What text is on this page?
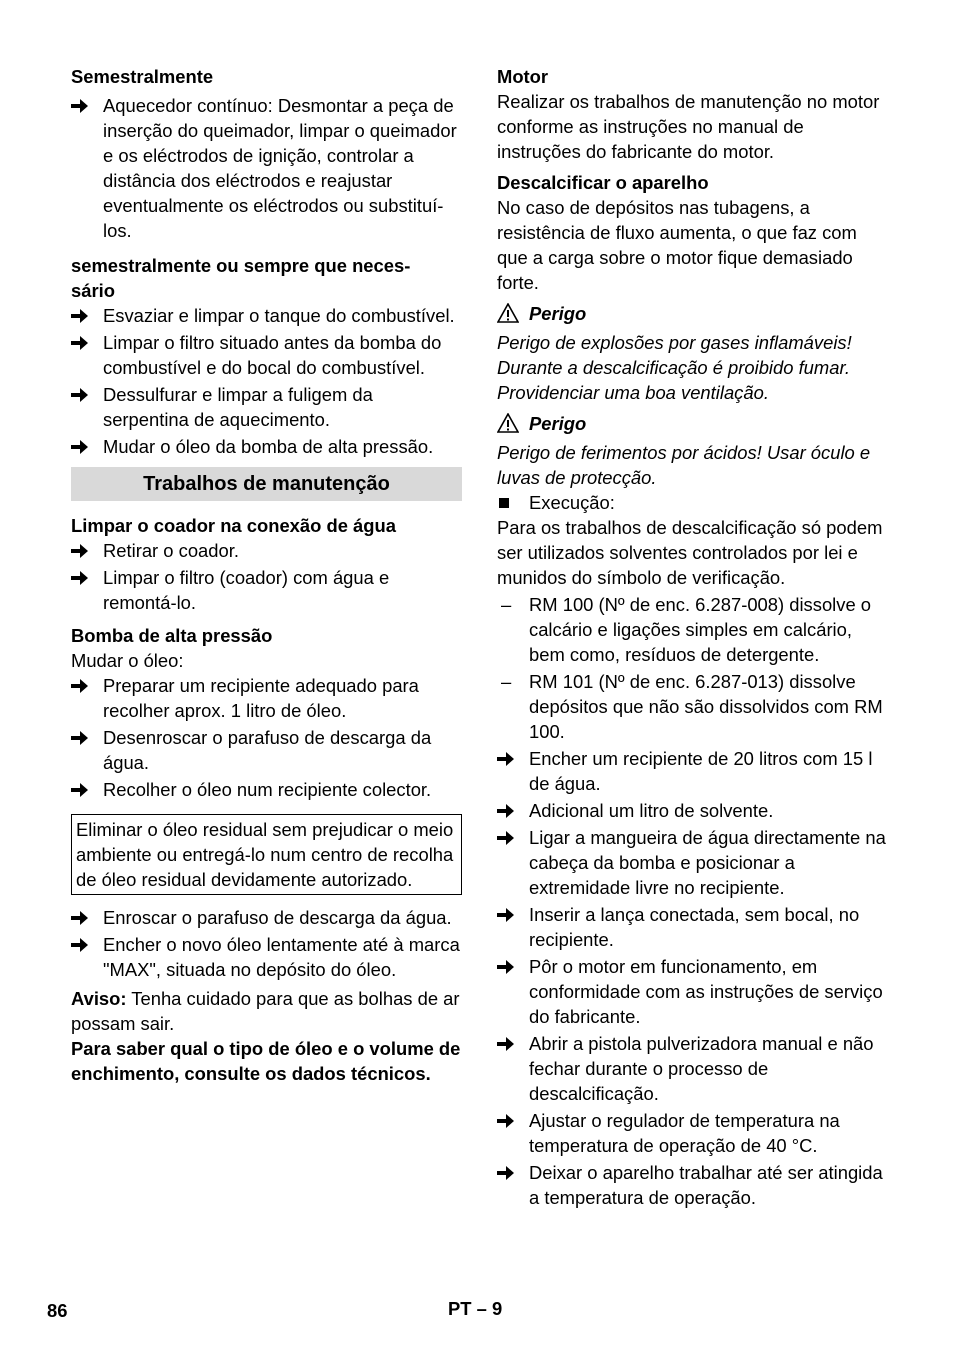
Semestralmente

Aquecedor contínuo: Desmontar a peça de inserção do queimador, limpar o queimador e os eléctrodos de ignição, controlar a distância dos eléctrodos e reajustar eventualmente os eléctrodos ou substituí-los.

semestralmente ou sempre que neces-
sário

Esvaziar e limpar o tanque do combustível.
Limpar o filtro situado antes da bomba do combustível e do bocal do combustível.
Dessulfurar e limpar a fuligem da serpentina de aquecimento.
Mudar o óleo da bomba de alta pressão.

Trabalhos de manutenção

Limpar o coador na conexão de água

Retirar o coador.
Limpar o filtro (coador) com água e remontá-lo.

Bomba de alta pressão

Mudar o óleo:

Preparar um recipiente adequado para recolher aprox. 1 litro de óleo.
Desenroscar o parafuso de descarga da água.
Recolher o óleo num recipiente colector.
Eliminar o óleo residual sem prejudicar o meio ambiente ou entregá-lo num centro de recolha de óleo residual devidamente autorizado.
Enroscar o parafuso de descarga da água.
Encher o novo óleo lentamente até à marca "MAX", situada no depósito do óleo.

Aviso: Tenha cuidado para que as bolhas de ar possam sair.

Para saber qual o tipo de óleo e o volume de enchimento, consulte os dados técnicos.

Motor

Realizar os trabalhos de manutenção no motor conforme as instruções no manual de instruções do fabricante do motor.

Descalcificar o aparelho

No caso de depósitos nas tubagens, a resistência de fluxo aumenta, o que faz com que a carga sobre o motor fique demasiado forte.

Perigo

Perigo de explosões por gases inflamáveis! Durante a descalcificação é proibido fumar. Providenciar uma boa ventilação.

Perigo

Perigo de ferimentos por ácidos! Usar óculo e luvas de protecção.

Execução:

Para os trabalhos de descalcificação só podem ser utilizados solventes controlados por lei e munidos do símbolo de verificação.

– RM 100 (Nº de enc. 6.287-008) dissolve o calcário e ligações simples em calcário, bem como, resíduos de detergente.
– RM 101 (Nº de enc. 6.287-013) dissolve depósitos que não são dissolvidos com RM 100.
Encher um recipiente de 20 litros com 15 l de água.
Adicional um litro de solvente.
Ligar a mangueira de água directamente na cabeça da bomba e posicionar a extremidade livre no recipiente.
Inserir a lança conectada, sem bocal, no recipiente.
Pôr o motor em funcionamento, em conformidade com as instruções de serviço do fabricante.
Abrir a pistola pulverizadora manual e não fechar durante o processo de descalcificação.
Ajustar o regulador de temperatura na temperatura de operação de 40 °C.
Deixar o aparelho trabalhar até ser atingida a temperatura de operação.
86	PT – 9
